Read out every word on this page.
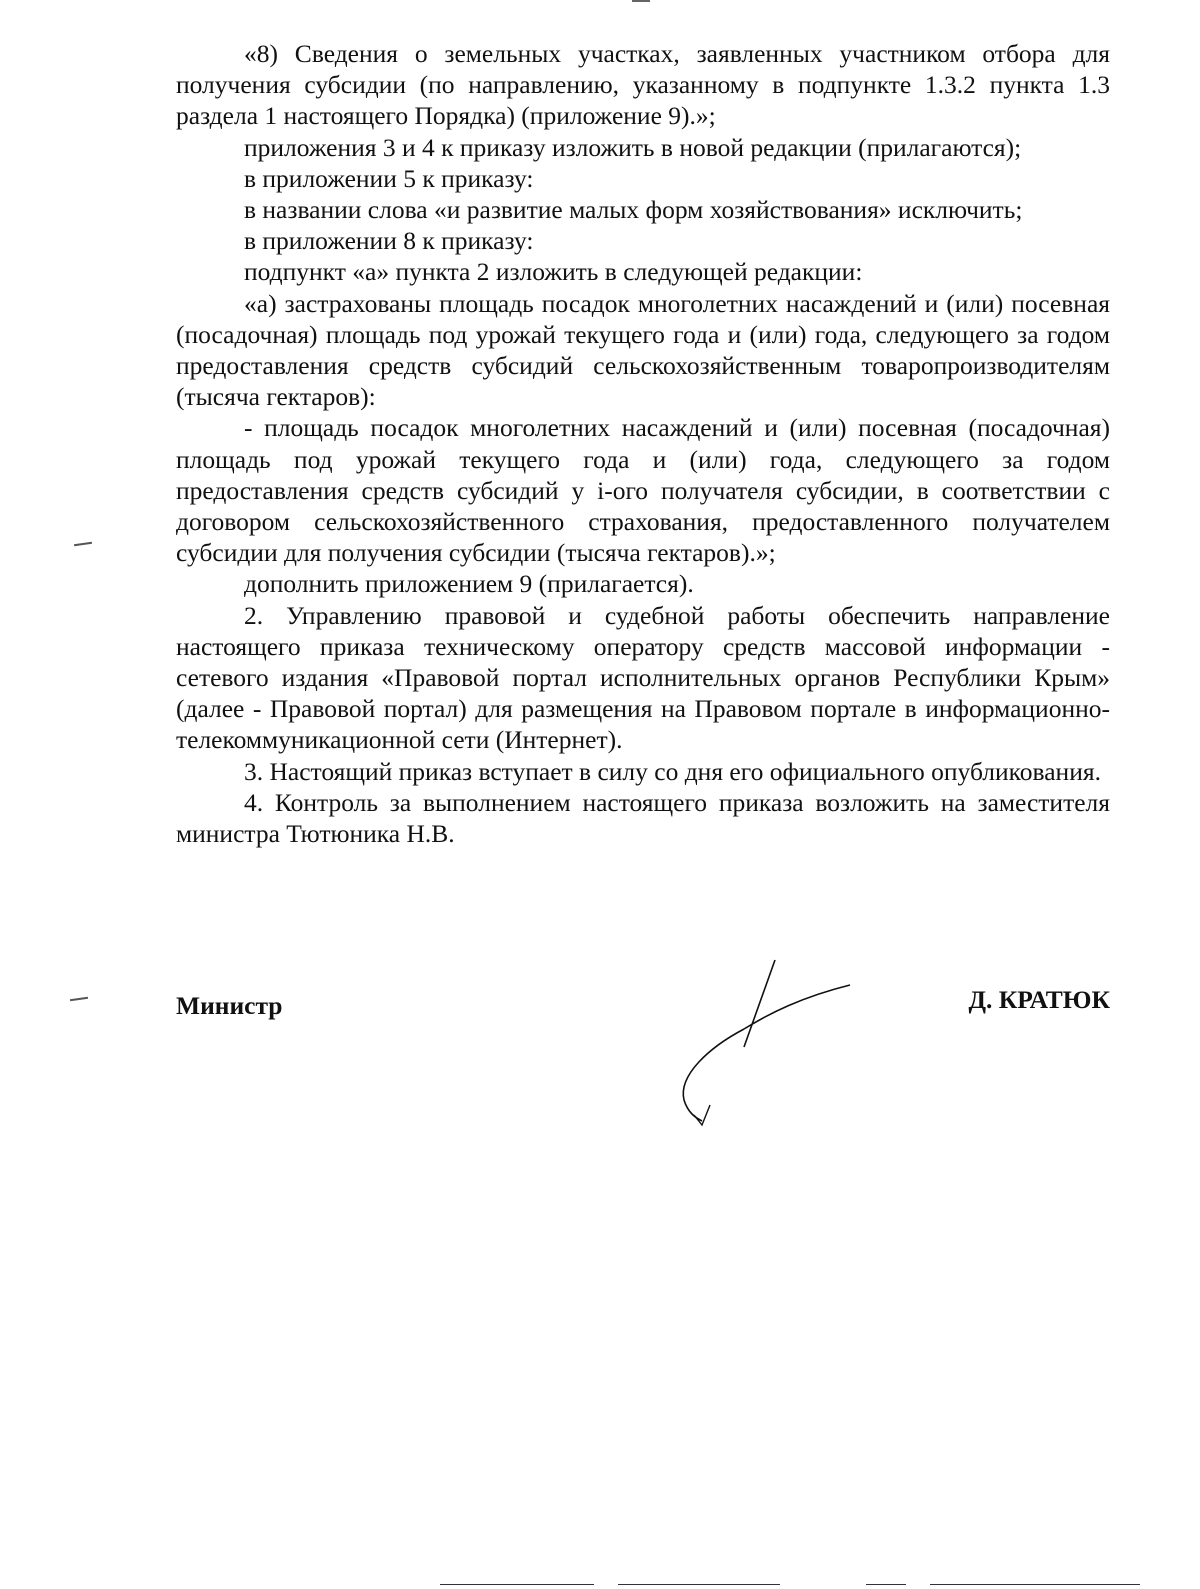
«8) Сведения о земельных участках, заявленных участником отбора для получения субсидии (по направлению, указанному в подпункте 1.3.2 пункта 1.3 раздела 1 настоящего Порядка) (приложение 9).»;

приложения 3 и 4 к приказу изложить в новой редакции (прилагаются);

в приложении 5 к приказу:

в названии слова «и развитие малых форм хозяйствования» исключить;

в приложении 8 к приказу:

подпункт «а» пункта 2 изложить в следующей редакции:

«а) застрахованы площадь посадок многолетних насаждений и (или) посевная (посадочная) площадь под урожай текущего года и (или) года, следующего за годом предоставления средств субсидий сельскохозяйственным товаропроизводителям (тысяча гектаров):

- площадь посадок многолетних насаждений и (или) посевная (посадочная) площадь под урожай текущего года и (или) года, следующего за годом предоставления средств субсидий у i-ого получателя субсидии, в соответствии с договором сельскохозяйственного страхования, предоставленного получателем субсидии для получения субсидии (тысяча гектаров).»;

дополнить приложением 9 (прилагается).

2. Управлению правовой и судебной работы обеспечить направление настоящего приказа техническому оператору средств массовой информации - сетевого издания «Правовой портал исполнительных органов Республики Крым» (далее - Правовой портал) для размещения на Правовом портале в информационно-телекоммуникационной сети (Интернет).

3. Настоящий приказ вступает в силу со дня его официального опубликования.

4. Контроль за выполнением настоящего приказа возложить на заместителя министра Тютюника Н.В.

Министр	Д. КРАТЮК
